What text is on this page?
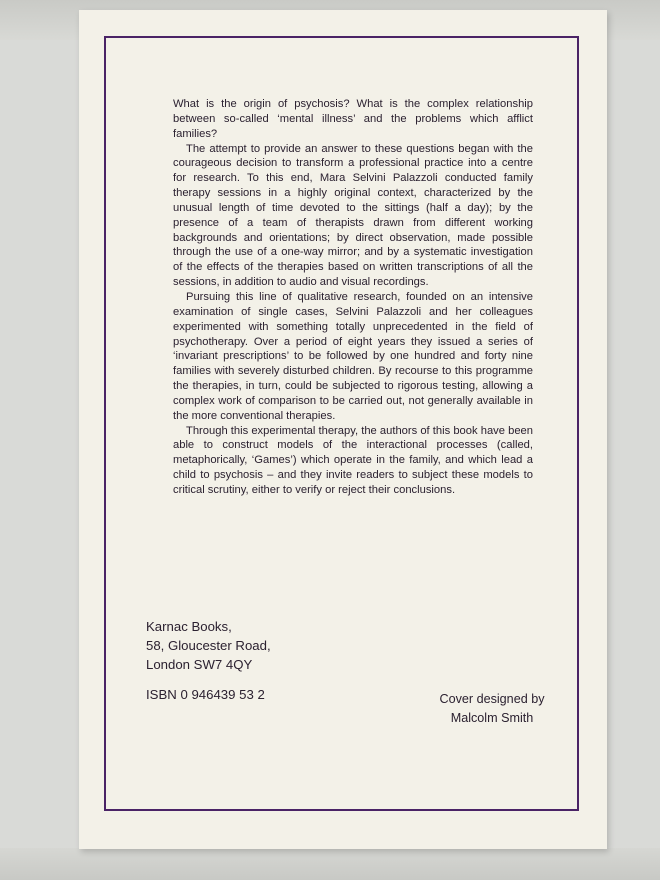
What is the origin of psychosis? What is the complex relationship between so-called ‘mental illness’ and the problems which afflict families?

The attempt to provide an answer to these questions began with the courageous decision to transform a professional practice into a centre for research. To this end, Mara Selvini Palazzoli conducted family therapy sessions in a highly original context, characterized by the unusual length of time devoted to the sittings (half a day); by the presence of a team of therapists drawn from different working backgrounds and orientations; by direct observation, made possible through the use of a one-way mirror; and by a systematic investigation of the effects of the therapies based on written transcriptions of all the sessions, in addition to audio and visual recordings.

Pursuing this line of qualitative research, founded on an intensive examination of single cases, Selvini Palazzoli and her colleagues experimented with something totally unprecedented in the field of psychotherapy. Over a period of eight years they issued a series of ‘invariant prescriptions’ to be followed by one hundred and forty nine families with severely disturbed children. By recourse to this programme the therapies, in turn, could be subjected to rigorous testing, allowing a complex work of comparison to be carried out, not generally available in the more conventional therapies.

Through this experimental therapy, the authors of this book have been able to construct models of the interactional processes (called, metaphorically, ‘Games’) which operate in the family, and which lead a child to psychosis – and they invite readers to subject these models to critical scrutiny, either to verify or reject their conclusions.

Karnac Books,
58, Gloucester Road,
London SW7 4QY
ISBN 0 946439 53 2	Cover designed by
Malcolm Smith
